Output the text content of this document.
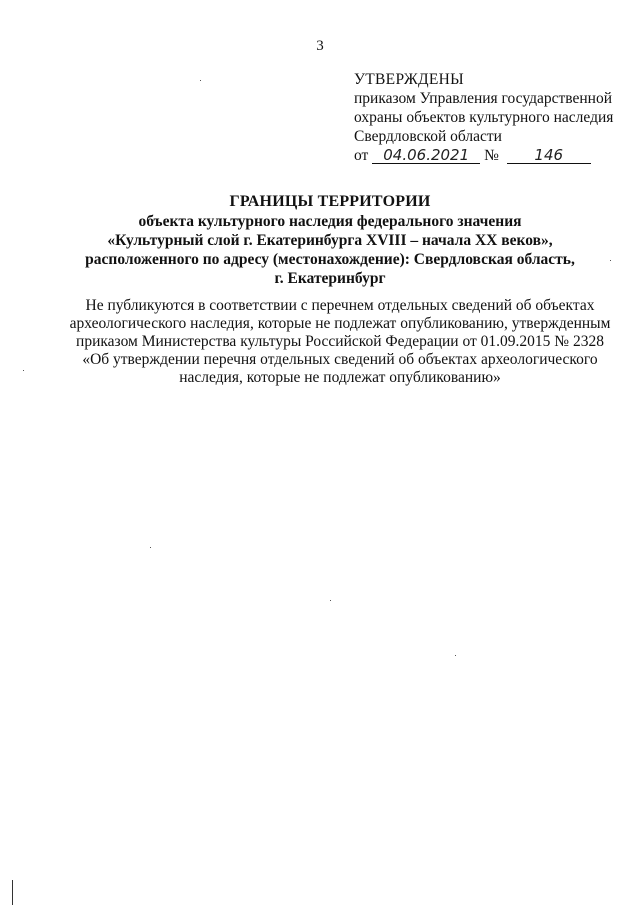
3
УТВЕРЖДЕНЫ
приказом Управления государственной
охраны объектов культурного наследия
Свердловской области
от 04.06.2021 № 146
ГРАНИЦЫ ТЕРРИТОРИИ
объекта культурного наследия федерального значения
«Культурный слой г. Екатеринбурга XVIII – начала XX веков»,
расположенного по адресу (местонахождение): Свердловская область,
г. Екатеринбург
Не публикуются в соответствии с перечнем отдельных сведений об объектах
археологического наследия, которые не подлежат опубликованию, утвержденным
приказом Министерства культуры Российской Федерации от 01.09.2015 № 2328
«Об утверждении перечня отдельных сведений об объектах археологического
наследия, которые не подлежат опубликованию»
